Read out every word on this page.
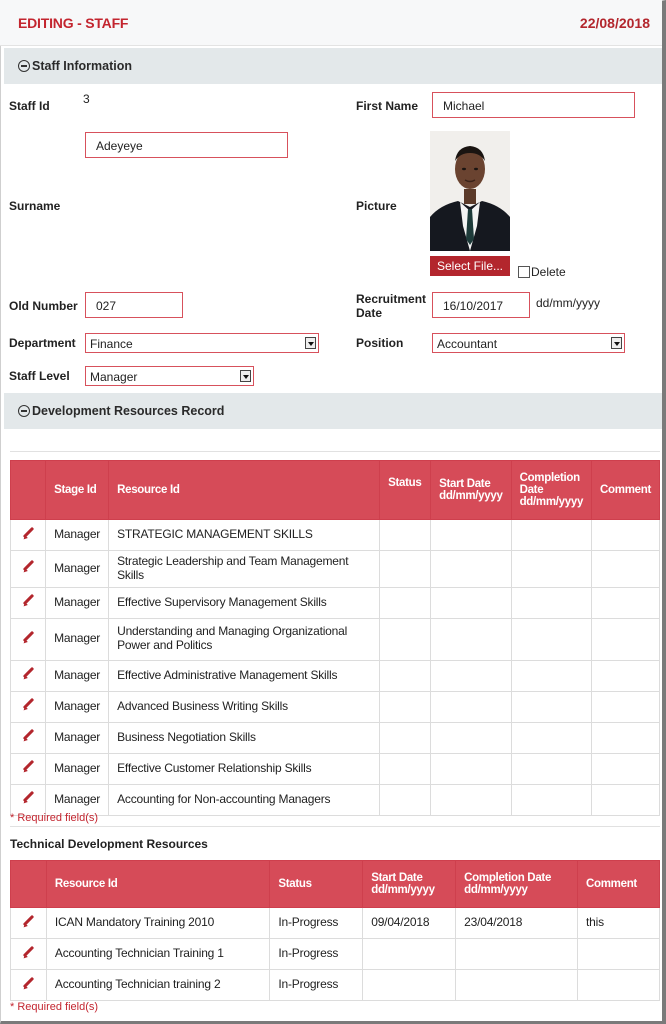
EDITING - STAFF	22/08/2018
Staff Information
Staff Id	3	First Name	Michael
Adeyeye
Surname	Picture
Select File...	Delete
Old Number	027	Recruitment Date	16/10/2017	dd/mm/yyyy
Department	Finance	Position	Accountant
Staff Level	Manager
Development Resources Record
	Stage Id	Resource Id	Status	Start Date dd/mm/yyyy	Completion Date dd/mm/yyyy	Comment
	Manager	STRATEGIC MANAGEMENT SKILLS				
	Manager	Strategic Leadership and Team Management Skills				
	Manager	Effective Supervisory Management Skills				
	Manager	Understanding and Managing Organizational Power and Politics				
	Manager	Effective Administrative Management Skills				
	Manager	Advanced Business Writing Skills				
	Manager	Business Negotiation Skills				
	Manager	Effective Customer Relationship Skills				
	Manager	Accounting for Non-accounting Managers				
* Required field(s)
Technical Development Resources
	Resource Id	Status	Start Date dd/mm/yyyy	Completion Date dd/mm/yyyy	Comment
	ICAN Mandatory Training 2010	In-Progress	09/04/2018	23/04/2018	this
	Accounting Technician Training 1	In-Progress			
	Accounting Technician training 2	In-Progress			
* Required field(s)
